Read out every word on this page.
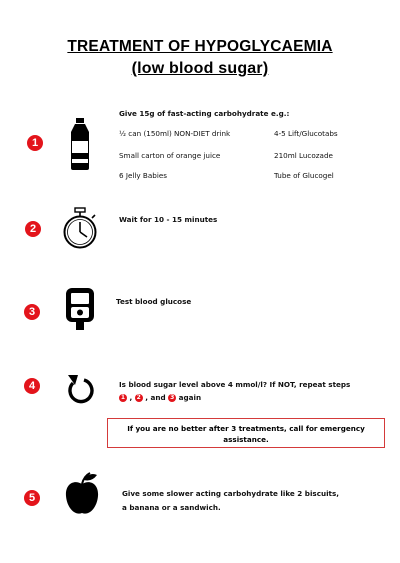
TREATMENT OF HYPOGLYCAEMIA
(low blood sugar)
1
Give 15g of fast-acting carbohydrate e.g.:
½ can (150ml) NON-DIET drink	4-5 Lift/Glucotabs
Small carton of orange juice	210ml Lucozade
6 Jelly Babies	Tube of Glucogel
2
Wait for 10 - 15 minutes
3
Test blood glucose
4	Is blood sugar level above 4 mmol/l? If NOT, repeat steps
1 , 2 , and 3 again
If you are no better after 3 treatments, call for emergency
assistance.
5	Give some slower acting carbohydrate like 2 biscuits,
a banana or a sandwich.
